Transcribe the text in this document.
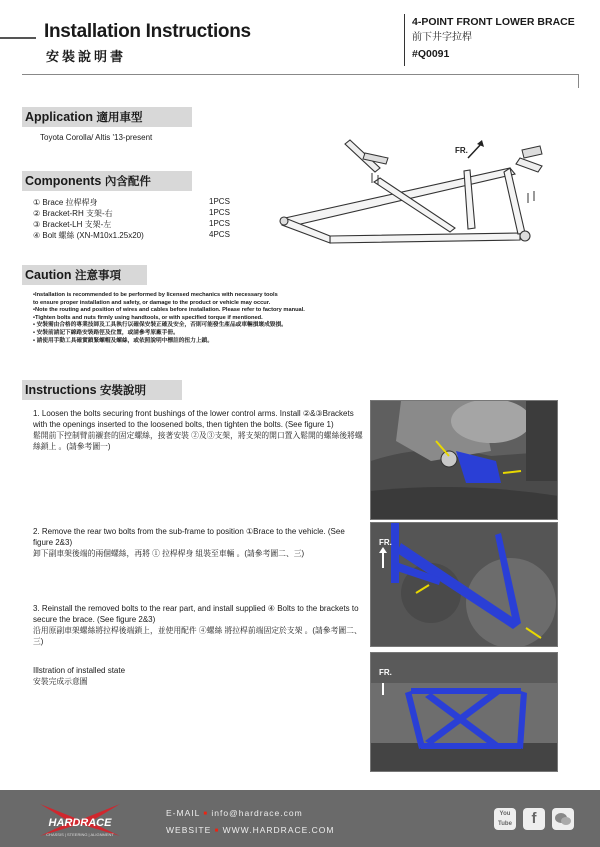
Installation Instructions
安裝說明書
4-POINT FRONT LOWER BRACE
前下井字拉桿
#Q0091
Application 適用車型
Toyota Corolla/ Altis '13-present
Components 內含配件
① Brace 拉桿桿身	1PCS
② Bracket-RH 支架-右	1PCS
③ Bracket-LH 支架-左	1PCS
④ Bolt 螺絲 (XN-M10x1.25x20)	4PCS
FR.
Caution 注意事項
•Installation is recommended to be performed by licensed mechanics with necessary tools
to ensure proper installation and safety, or damage to the product or vehicle may occur.
•Note the routing and position of wires and cables before installation. Please refer to factory manual.
•Tighten bolts and nuts firmly using handtools, or with specified torque if mentioned.
• 安裝需由合格的專業技師及工具執行以確保安裝正確及安全，否則可能發生產品或車輛損壞成毀損。
• 安裝前請記下線路安裝路徑及位置，或請參考原廠手冊。
• 請使用手動工具確實鎖緊螺帽及螺絲，或依照說明中標註的扭力上鎖。
Instructions 安裝說明
1. Loosen the bolts securing front bushings of the lower control arms. Install ②&③Brackets with the openings inserted to the loosened bolts, then tighten the bolts. (See figure 1)
鬆開前下控制臂前襯套的固定螺絲，接著安裝 ②及③支架，將支架的開口置入鬆開的螺絲後將螺絲鎖上 。(請參考圖一)
2. Remove the rear two bolts from the sub-frame to position ①Brace to the vehicle. (See figure 2&3)
卸下副車架後端的兩個螺絲，再將 ① 拉桿桿身 組裝至車輛 。(請參考圖二、三)
3. Reinstall the removed bolts to the rear part, and install supplied ④ Bolts to the brackets to secure the brace. (See figure 2&3)
沿用原副車架螺絲將拉桿後端鎖上，並使用配件 ④螺絲 將拉桿前端固定於支架 。(請參考圖二、三)
Illstration of installed state
安裝完成示意圖
FR.
FR.
HARDRACE
CHASSIS | STEERING | ALIGNMENT
E-MAIL ■ info@hardrace.com
WEBSITE ■ WWW.HARDRACE.COM
You Tube	f
